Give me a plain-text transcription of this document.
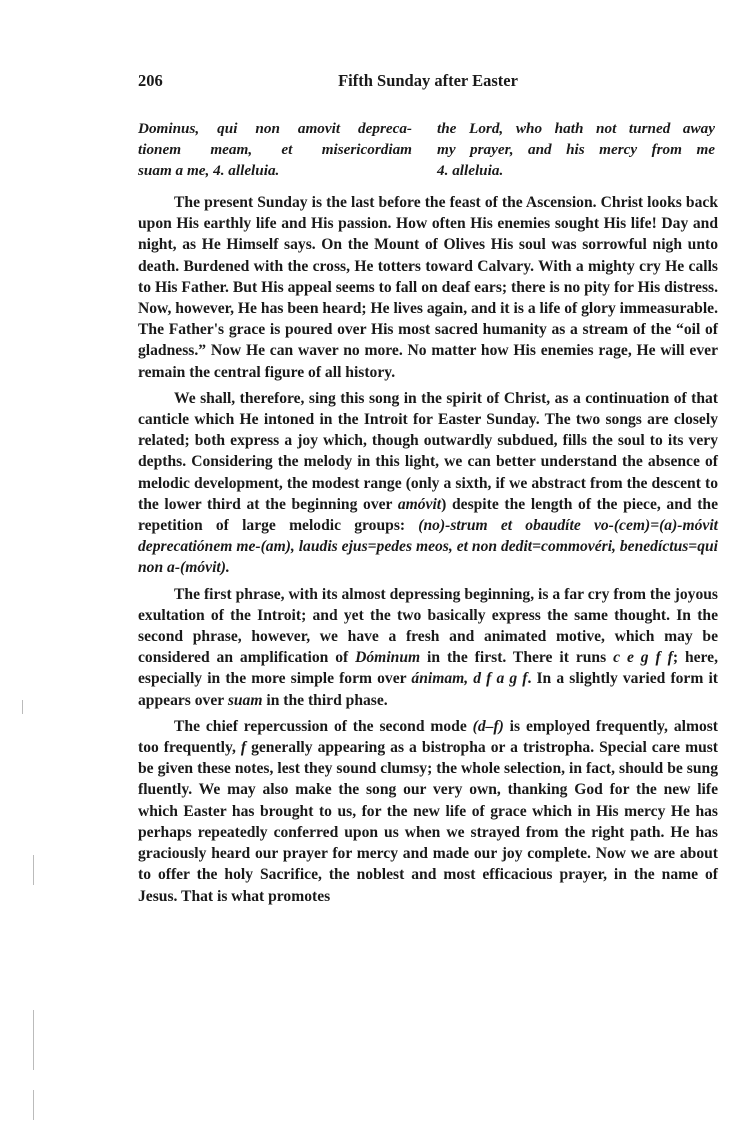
206	Fifth Sunday after Easter
Dominus, qui non amovit depreca-
tionem meam, et misericordiam
suam a me, 4. alleluia.
the Lord, who hath not turned away
my prayer, and his mercy from me
4. alleluia.

The present Sunday is the last before the feast of the Ascension. Christ looks back upon His earthly life and His passion. How often His enemies sought His life! Day and night, as He Himself says. On the Mount of Olives His soul was sorrowful nigh unto death. Burdened with the cross, He totters toward Calvary. With a mighty cry He calls to His Father. But His appeal seems to fall on deaf ears; there is no pity for His distress. Now, however, He has been heard; He lives again, and it is a life of glory immeasurable. The Father's grace is poured over His most sacred humanity as a stream of the “oil of gladness.” Now He can waver no more. No matter how His enemies rage, He will ever remain the central figure of all history.

We shall, therefore, sing this song in the spirit of Christ, as a continuation of that canticle which He intoned in the Introit for Easter Sunday. The two songs are closely related; both express a joy which, though outwardly subdued, fills the soul to its very depths. Considering the melody in this light, we can better understand the absence of melodic development, the modest range (only a sixth, if we abstract from the descent to the lower third at the beginning over amóvit) despite the length of the piece, and the repetition of large melodic groups: (no)-strum et obaudíte vo-(cem)=(a)-móvit deprecatiónem me-(am), laudis ejus=pedes meos, et non dedit=commovéri, benedíctus=qui non a-(móvit).

The first phrase, with its almost depressing beginning, is a far cry from the joyous exultation of the Introit; and yet the two basically express the same thought. In the second phrase, however, we have a fresh and animated motive, which may be considered an amplification of Dóminum in the first. There it runs c e g f f; here, especially in the more simple form over ánimam, d f a g f. In a slightly varied form it appears over suam in the third phase.

The chief repercussion of the second mode (d–f) is employed frequently, almost too frequently, f generally appearing as a bistropha or a tristropha. Special care must be given these notes, lest they sound clumsy; the whole selection, in fact, should be sung fluently. We may also make the song our very own, thanking God for the new life which Easter has brought to us, for the new life of grace which in His mercy He has perhaps repeatedly conferred upon us when we strayed from the right path. He has graciously heard our prayer for mercy and made our joy complete. Now we are about to offer the holy Sacrifice, the noblest and most efficacious prayer, in the name of Jesus. That is what promotes
